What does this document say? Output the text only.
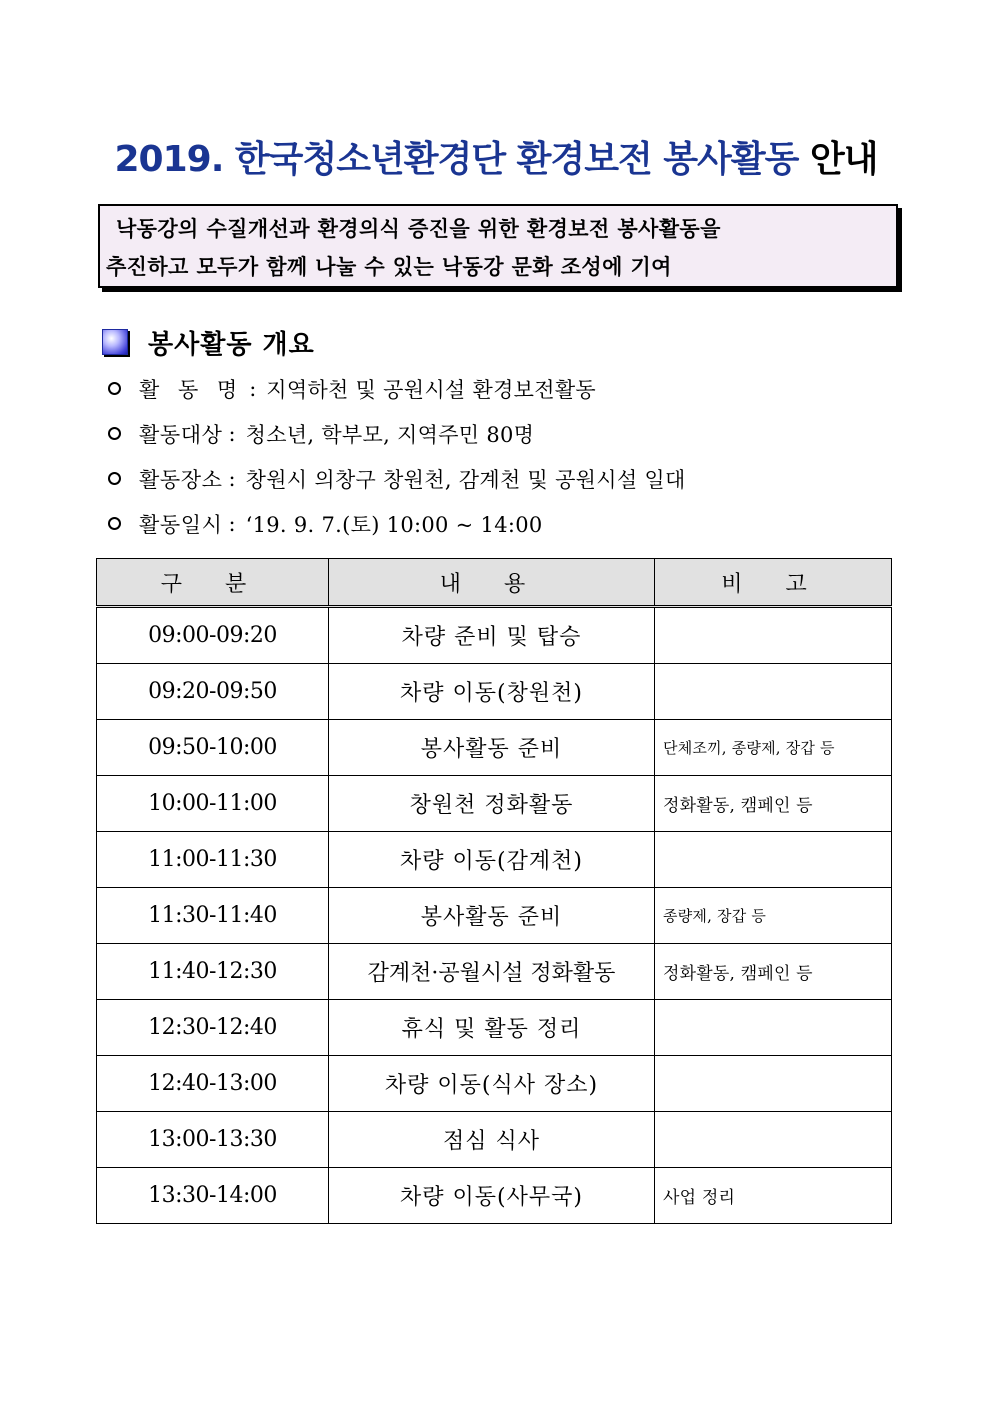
2019. 한국청소년환경단 환경보전 봉사활동 안내

낙동강의 수질개선과 환경의식 증진을 위한 환경보전 봉사활동을

추진하고 모두가 함께 나눌 수 있는 낙동강 문화 조성에 기여

봉사활동 개요
활 동 명 : 지역하천 및 공원시설 환경보전활동
활동대상 : 청소년, 학부모, 지역주민 80명
활동장소 : 창원시 의창구 창원천, 감계천 및 공원시설 일대
활동일시 : ‘19. 9. 7.(토) 10:00 ~ 14:00
구 분	내 용	비 고
09:00-09:20	차량 준비 및 탑승	
09:20-09:50	차량 이동(창원천)	
09:50-10:00	봉사활동 준비	단체조끼, 종량제, 장갑 등
10:00-11:00	창원천 정화활동	정화활동, 캠페인 등
11:00-11:30	차량 이동(감계천)	
11:30-11:40	봉사활동 준비	종량제, 장갑 등
11:40-12:30	감계천·공월시설 정화활동	정화활동, 캠페인 등
12:30-12:40	휴식 및 활동 정리	
12:40-13:00	차량 이동(식사 장소)	
13:00-13:30	점심 식사	
13:30-14:00	차량 이동(사무국)	사업 정리
